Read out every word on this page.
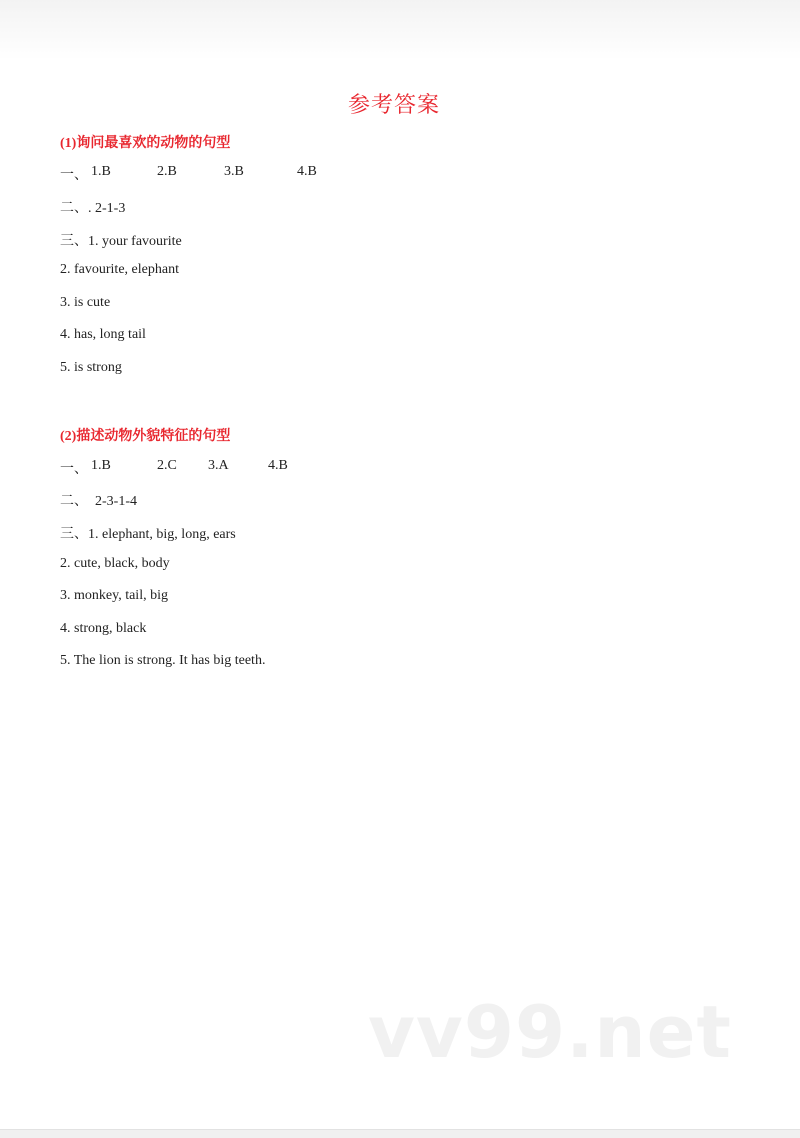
参考答案
(1)询问最喜欢的动物的句型
一、 1.B	2.B	3.B	4.B
二、. 2-1-3
三、1. your favourite
2. favourite, elephant
3. is cute
4. has, long tail
5. is strong
(2)描述动物外貌特征的句型
一、 1.B	2.C 3.A	4.B
二、  2-3-1-4
三、1. elephant, big, long, ears
2. cute, black, body
3. monkey, tail, big
4. strong, black
5. The lion is strong. It has big teeth.
vv99.net
